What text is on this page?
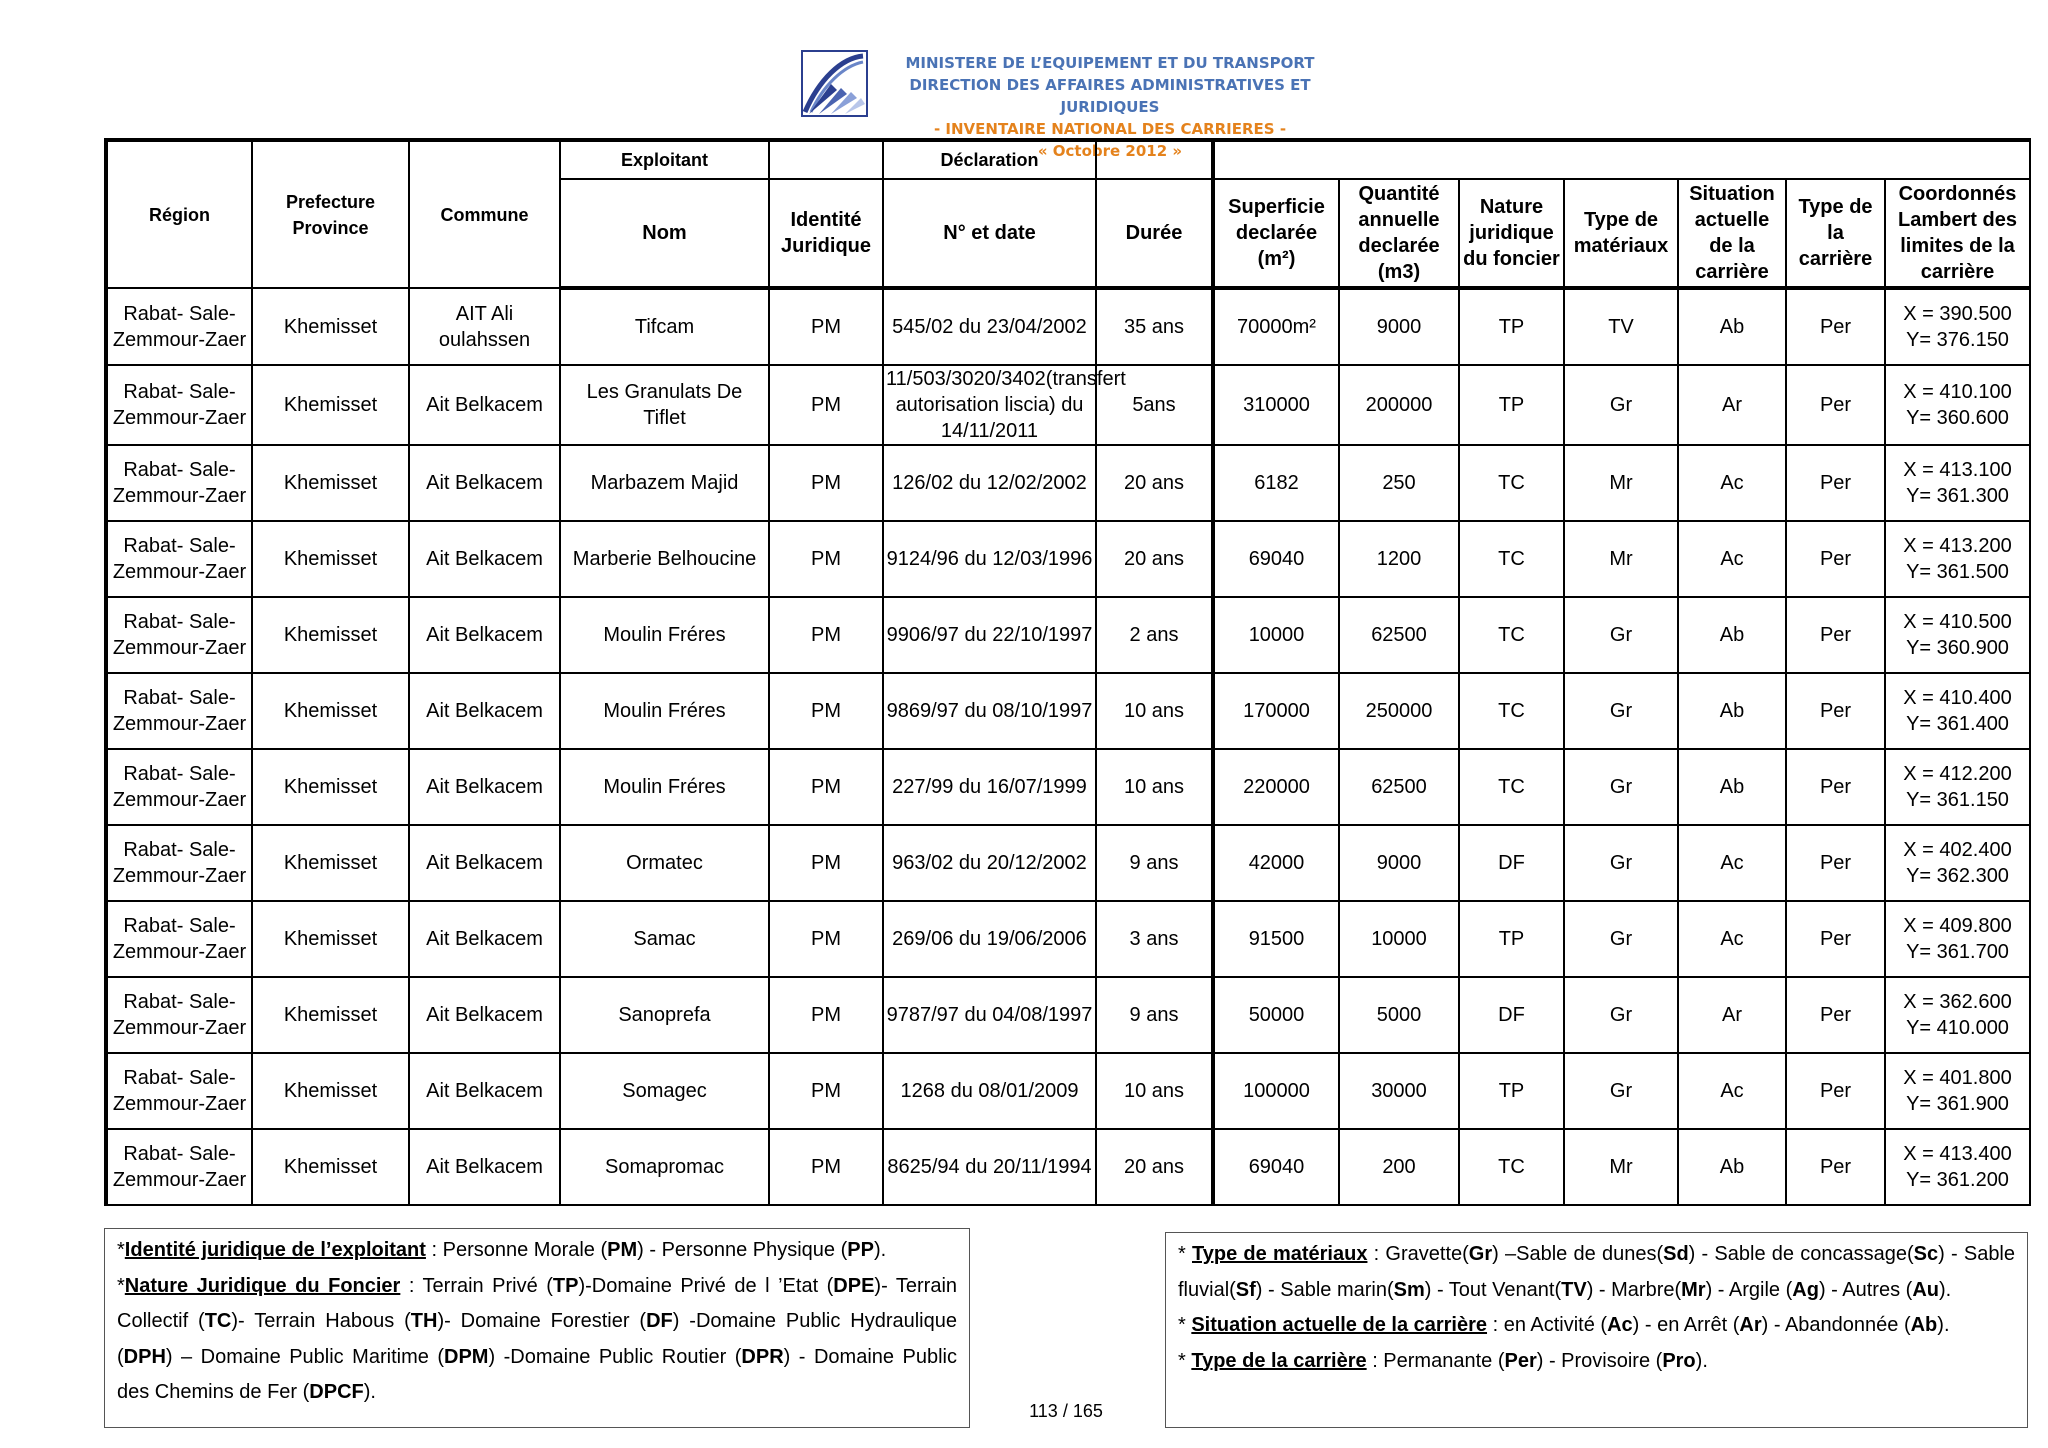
MINISTERE DE L’EQUIPEMENT ET DU TRANSPORT
DIRECTION DES AFFAIRES ADMINISTRATIVES ET JURIDIQUES
- INVENTAIRE NATIONAL DES CARRIERES -
« Octobre 2012 »
Région	Prefecture Province	Commune	Exploitant		Déclaration								
			Nom	Identité Juridique	N° et date	Durée	Superficie declarée (m²)	Quantité annuelle declarée (m3)	Nature juridique du foncier	Type de matériaux	Situation actuelle de la carrière	Type de la carrière	Coordonnés Lambert des limites de la carrière
Rabat- Sale-Zemmour-Zaer	Khemisset	AIT Ali oulahssen	Tifcam	PM	545/02 du 23/04/2002	35 ans	70000m²	9000	TP	TV	Ab	Per	X = 390.500
Y= 376.150

Rabat- Sale-Zemmour-Zaer	Khemisset	Ait Belkacem	Les Granulats De Tiflet	PM	11/503/3020/3402(transfert autorisation liscia) du 14/11/2011	5ans	310000	200000	TP	Gr	Ar	Per	X = 410.100
Y= 360.600

Rabat- Sale-Zemmour-Zaer	Khemisset	Ait Belkacem	Marbazem Majid	PM	126/02 du 12/02/2002	20 ans	6182	250	TC	Mr	Ac	Per	X = 413.100
Y= 361.300

Rabat- Sale-Zemmour-Zaer	Khemisset	Ait Belkacem	Marberie Belhoucine	PM	9124/96 du 12/03/1996	20 ans	69040	1200	TC	Mr	Ac	Per	X = 413.200
Y= 361.500

Rabat- Sale-Zemmour-Zaer	Khemisset	Ait Belkacem	Moulin Fréres	PM	9906/97 du 22/10/1997	2 ans	10000	62500	TC	Gr	Ab	Per	X = 410.500
Y= 360.900

Rabat- Sale-Zemmour-Zaer	Khemisset	Ait Belkacem	Moulin Fréres	PM	9869/97 du 08/10/1997	10 ans	170000	250000	TC	Gr	Ab	Per	X = 410.400
Y= 361.400

Rabat- Sale-Zemmour-Zaer	Khemisset	Ait Belkacem	Moulin Fréres	PM	227/99 du 16/07/1999	10 ans	220000	62500	TC	Gr	Ab	Per	X = 412.200
Y= 361.150

Rabat- Sale-Zemmour-Zaer	Khemisset	Ait Belkacem	Ormatec	PM	963/02 du 20/12/2002	9 ans	42000	9000	DF	Gr	Ac	Per	X = 402.400
Y= 362.300

Rabat- Sale-Zemmour-Zaer	Khemisset	Ait Belkacem	Samac	PM	269/06 du 19/06/2006	3 ans	91500	10000	TP	Gr	Ac	Per	X = 409.800
Y= 361.700

Rabat- Sale-Zemmour-Zaer	Khemisset	Ait Belkacem	Sanoprefa	PM	9787/97 du 04/08/1997	9 ans	50000	5000	DF	Gr	Ar	Per	X = 362.600
Y= 410.000

Rabat- Sale-Zemmour-Zaer	Khemisset	Ait Belkacem	Somagec	PM	1268 du 08/01/2009	10 ans	100000	30000	TP	Gr	Ac	Per	X = 401.800
Y= 361.900

Rabat- Sale-Zemmour-Zaer	Khemisset	Ait Belkacem	Somapromac	PM	8625/94 du 20/11/1994	20 ans	69040	200	TC	Mr	Ab	Per	X = 413.400
Y= 361.200

*Identité juridique de l’exploitant : Personne Morale (PM) - Personne Physique (PP).

*Nature Juridique du Foncier : Terrain Privé (TP)-Domaine Privé de l ’Etat (DPE)- Terrain Collectif (TC)- Terrain Habous (TH)- Domaine Forestier (DF) -Domaine Public Hydraulique (DPH) – Domaine Public Maritime (DPM) -Domaine Public Routier (DPR) - Domaine Public des Chemins de Fer (DPCF).

* Type de matériaux : Gravette(Gr) –Sable de dunes(Sd) - Sable de concassage(Sc) - Sable fluvial(Sf) - Sable marin(Sm) - Tout Venant(TV) - Marbre(Mr) - Argile (Ag) - Autres (Au).

* Situation actuelle de la carrière : en Activité (Ac) - en Arrêt (Ar) - Abandonnée (Ab).

* Type de la carrière : Permanante (Per) - Provisoire (Pro).

113 / 165
